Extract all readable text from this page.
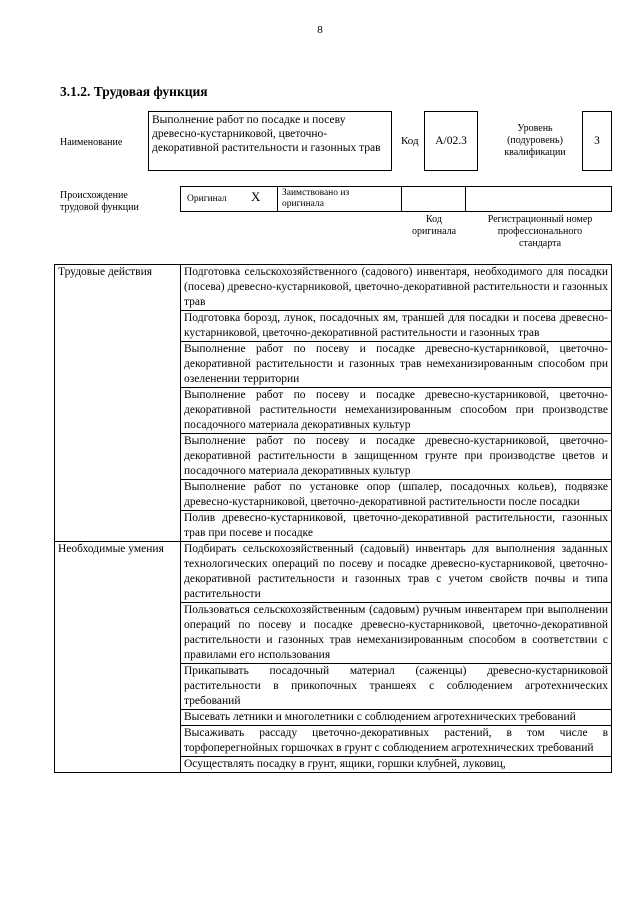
8
3.1.2. Трудовая функция
Наименование
Выполнение работ по посадке и посеву древесно-кустарниковой, цветочно-декоративной растительности и газонных трав
Код	А/02.3
Уровень
(подуровень)
квалификации
3
Происхождение
трудовой функции
Оригинал X Заимствовано из
оригинала
Код
оригинала
Регистрационный номер
профессионального
стандарта
Трудовые действия	Подготовка сельскохозяйственного (садового) инвентаря, необходимого для посадки (посева) древесно-кустарниковой, цветочно-декоративной растительности и газонных трав
	Подготовка борозд, лунок, посадочных ям, траншей для посадки и посева древесно-кустарниковой, цветочно-декоративной растительности и газонных трав
	Выполнение работ по посеву и посадке древесно-кустарниковой, цветочно-декоративной растительности и газонных трав немеханизированным способом при озеленении территории
	Выполнение работ по посеву и посадке древесно-кустарниковой, цветочно-декоративной растительности немеханизированным способом при производстве посадочного материала декоративных культур
	Выполнение работ по посеву и посадке древесно-кустарниковой, цветочно-декоративной растительности в защищенном грунте при производстве цветов и посадочного материала декоративных культур
	Выполнение работ по установке опор (шпалер, посадочных кольев), подвязке древесно-кустарниковой, цветочно-декоративной растительности после посадки
	Полив древесно-кустарниковой, цветочно-декоративной растительности, газонных трав при посеве и посадке
Необходимые умения	Подбирать сельскохозяйственный (садовый) инвентарь для выполнения заданных технологических операций по посеву и посадке древесно-кустарниковой, цветочно-декоративной растительности и газонных трав с учетом свойств почвы и типа растительности
	Пользоваться сельскохозяйственным (садовым) ручным инвентарем при выполнении операций по посеву и посадке древесно-кустарниковой, цветочно-декоративной растительности и газонных трав немеханизированным способом в соответствии с правилами его использования
	Прикапывать посадочный материал (саженцы) древесно-кустарниковой растительности в прикопочных траншеях с соблюдением агротехнических требований
	Высевать летники и многолетники с соблюдением агротехнических требований
	Высаживать рассаду цветочно-декоративных растений, в том числе в торфоперегнойных горшочках в грунт с соблюдением агротехнических требований
	Осуществлять посадку в грунт, ящики, горшки клубней, луковиц,
